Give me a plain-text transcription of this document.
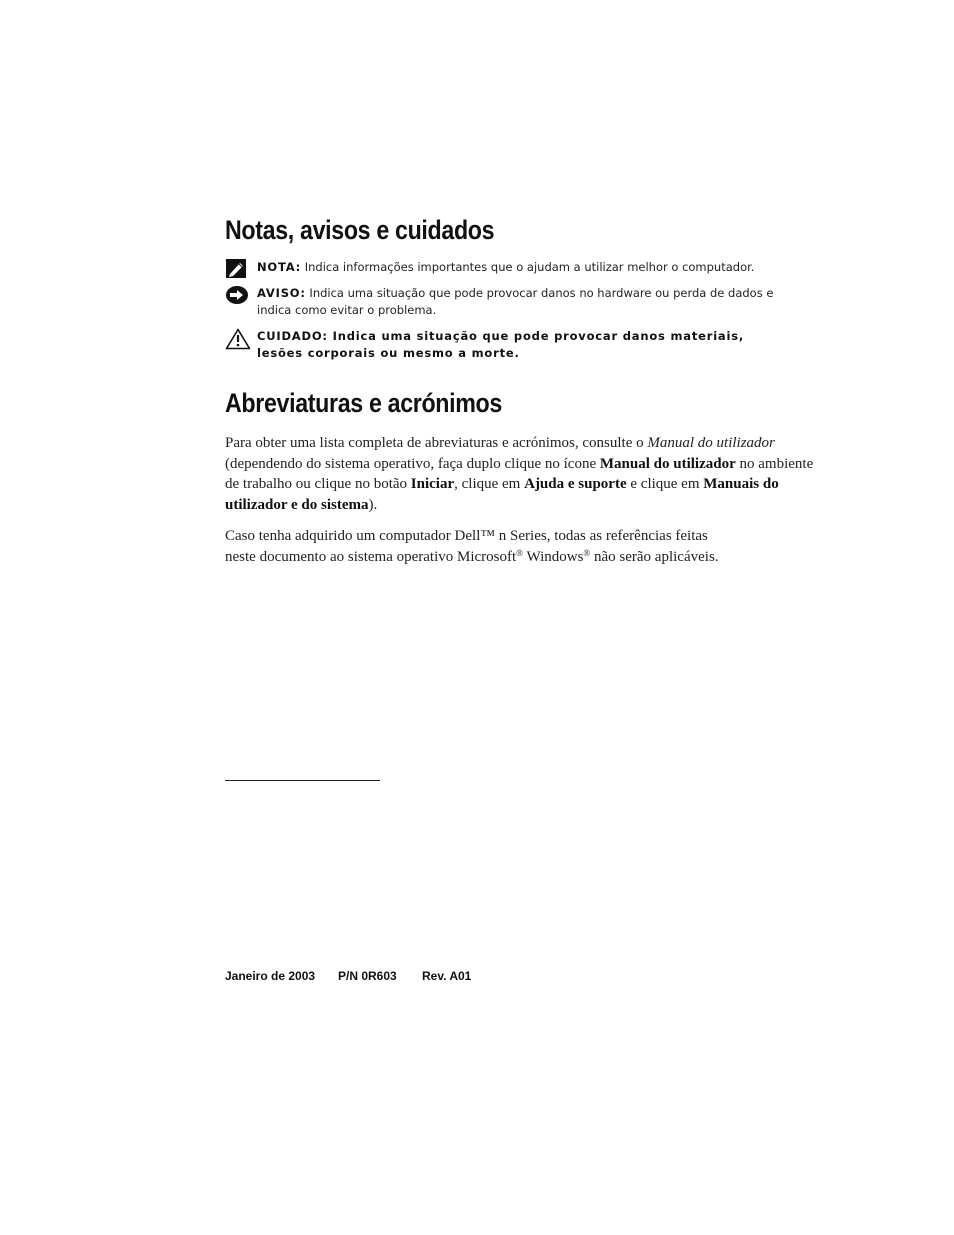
Notas, avisos e cuidados
NOTA: Indica informações importantes que o ajudam a utilizar melhor o computador.
AVISO: Indica uma situação que pode provocar danos no hardware ou perda de dados e indica como evitar o problema.
CUIDADO: Indica uma situação que pode provocar danos materiais, lesões corporais ou mesmo a morte.
Abreviaturas e acrónimos

Para obter uma lista completa de abreviaturas e acrónimos, consulte o Manual do utilizador (dependendo do sistema operativo, faça duplo clique no ícone Manual do utilizador no ambiente de trabalho ou clique no botão Iniciar, clique em Ajuda e suporte e clique em Manuais do utilizador e do sistema).

Caso tenha adquirido um computador Dell™ n Series, todas as referências feitas
neste documento ao sistema operativo Microsoft® Windows® não serão aplicáveis.

Janeiro de 2003 P/N 0R603 Rev. A01
